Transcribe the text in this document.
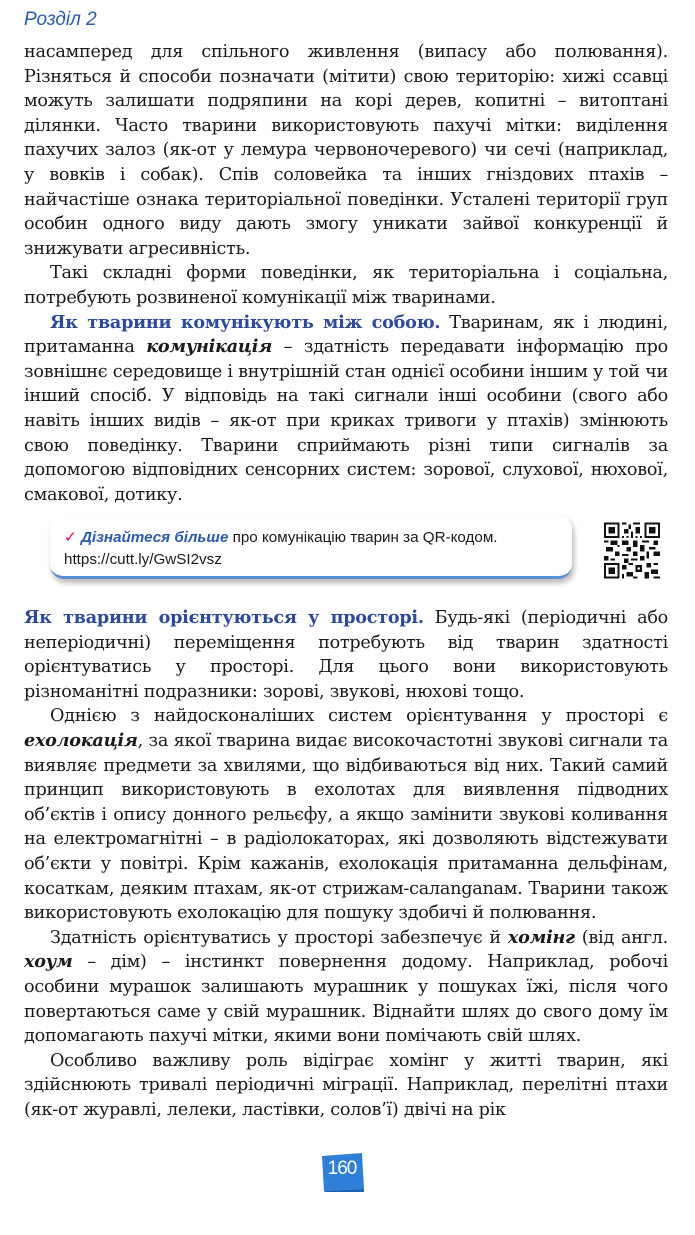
Розділ 2

насамперед для спільного живлення (випасу або полювання). Різняться й способи позначати (мітити) свою територію: хижі ссавці можуть залишати подряпини на корі дерев, копитні – витоптані ділянки. Часто тварини використовують пахучі мітки: виділення пахучих залоз (як-от у лемура червоночеревого) чи сечі (наприклад, у вовків і собак). Спів соловейка та інших гніздових птахів – найчастіше ознака територіальної поведінки. Усталені території груп особин одного виду дають змогу уникати зайвої конкуренції й знижувати агресивність.

Такі складні форми поведінки, як територіальна і соціальна, потребують розвиненої комунікації між тваринами.

Як тварини комунікують між собою. Тваринам, як і людині, притаманна комунікація – здатність передавати інформацію про зовнішнє середовище і внутрішній стан однієї особини іншим у той чи інший спосіб. У відповідь на такі сигнали інші особини (свого або навіть інших видів – як-от при криках тривоги у птахів) змінюють свою поведінку. Тварини сприймають різні типи сигналів за допомогою відповідних сенсорних систем: зорової, слухової, нюхової, смакової, дотику.

✓ Дізнайтеся більше про комунікацію тварин за QR-кодом.
https://cutt.ly/GwSI2vsz

Як тварини орієнтуються у просторі. Будь-які (періодичні або неперіодичні) переміщення потребують від тварин здатності орієнтуватись у просторі. Для цього вони використовують різноманітні подразники: зорові, звукові, нюхові тощо.

Однією з найдосконаліших систем орієнтування у просторі є ехолокація, за якої тварина видає високочастотні звукові сигнали та виявляє предмети за хвилями, що відбиваються від них. Такий самий принцип використовують в ехолотах для виявлення підводних об’єктів і опису донного рельєфу, а якщо замінити звукові коливання на електромагнітні – в радіолокаторах, які дозволяють відстежувати об’єкти у повітрі. Крім кажанів, ехолокація притаманна дельфінам, косаткам, деяким птахам, як-от стрижам-салanganам. Тварини також використовують ехолокацію для пошуку здобичі й полювання.

Здатність орієнтуватись у просторі забезпечує й хомінг (від англ. хоум – дім) – інстинкт повернення додому. Наприклад, робочі особини мурашок залишають мурашник у пошуках їжі, після чого повертаються саме у свій мурашник. Віднайти шлях до свого дому їм допомагають пахучі мітки, якими вони помічають свій шлях.

Особливо важливу роль відіграє хомінг у житті тварин, які здійснюють тривалі періодичні міграції. Наприклад, перелітні птахи (як-от журавлі, лелеки, ластівки, солов’ї) двічі на рік

160
